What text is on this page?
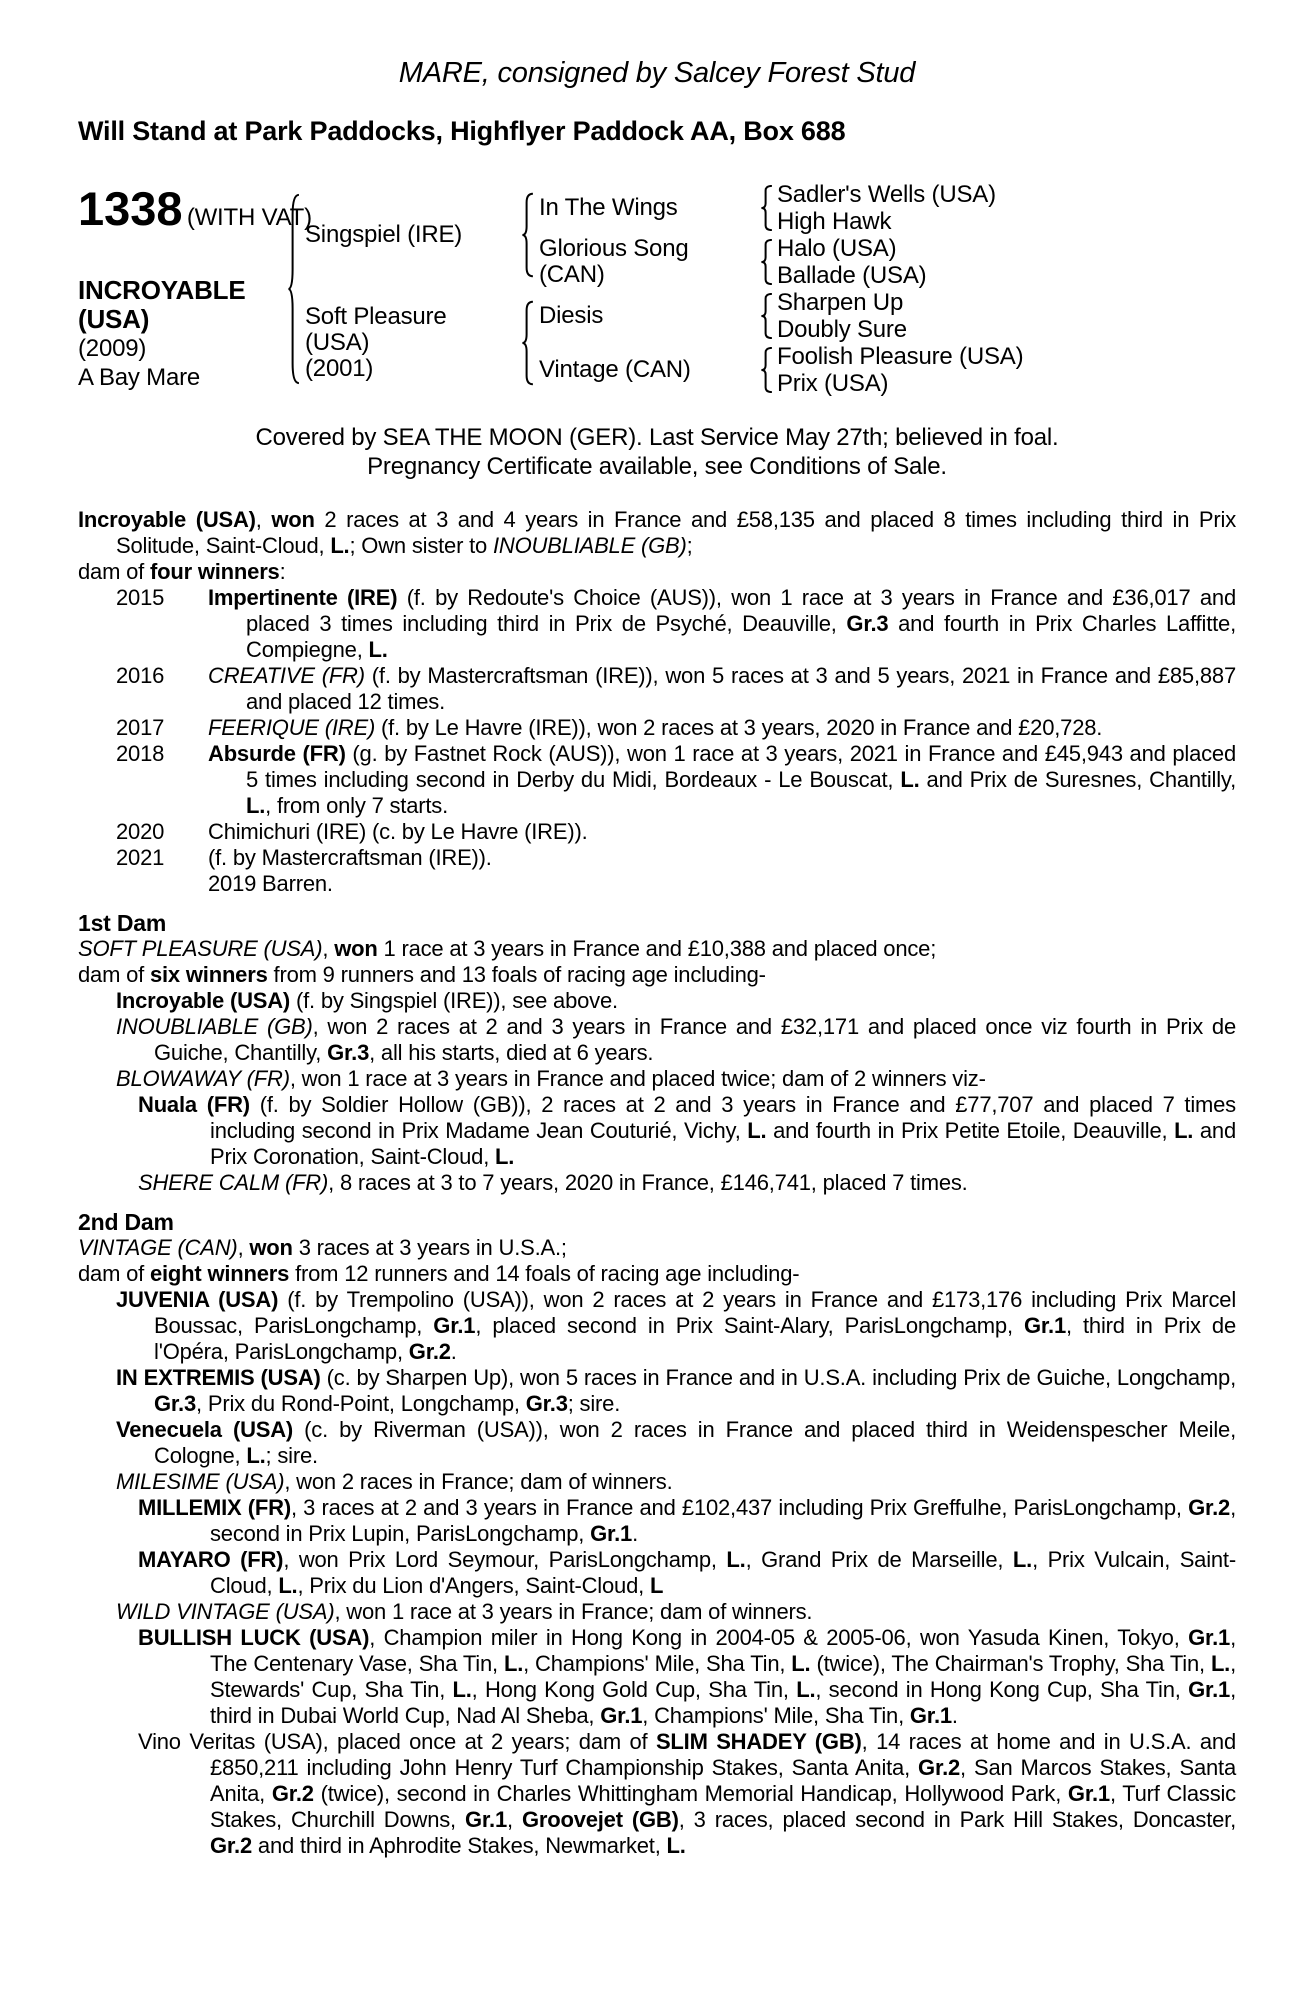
MARE, consigned by Salcey Forest Stud

Will Stand at Park Paddocks, Highflyer Paddock AA, Box 688

1338 (WITH VAT)
INCROYABLE
(USA)
(2009)
A Bay Mare
Singspiel (IRE)
Soft Pleasure (USA)
(2001)
In The Wings
Glorious Song (CAN)
Diesis
Vintage (CAN)
Sadler's Wells (USA)
High Hawk
Halo (USA)
Ballade (USA)
Sharpen Up
Doubly Sure
Foolish Pleasure (USA)
Prix (USA)
Covered by SEA THE MOON (GER). Last Service May 27th; believed in foal.
Pregnancy Certificate available, see Conditions of Sale.

Incroyable (USA), won 2 races at 3 and 4 years in France and £58,135 and placed 8 times including third in Prix Solitude, Saint-Cloud, L.; Own sister to INOUBLIABLE (GB);

dam of four winners:

2015 Impertinente (IRE) (f. by Redoute's Choice (AUS)), won 1 race at 3 years in France and £36,017 and placed 3 times including third in Prix de Psyché, Deauville, Gr.3 and fourth in Prix Charles Laffitte, Compiegne, L.

2016 CREATIVE (FR) (f. by Mastercraftsman (IRE)), won 5 races at 3 and 5 years, 2021 in France and £85,887 and placed 12 times.

2017 FEERIQUE (IRE) (f. by Le Havre (IRE)), won 2 races at 3 years, 2020 in France and £20,728.

2018 Absurde (FR) (g. by Fastnet Rock (AUS)), won 1 race at 3 years, 2021 in France and £45,943 and placed 5 times including second in Derby du Midi, Bordeaux - Le Bouscat, L. and Prix de Suresnes, Chantilly, L., from only 7 starts.

2020 Chimichuri (IRE) (c. by Le Havre (IRE)).

2021 (f. by Mastercraftsman (IRE)).

2019 Barren.

1st Dam

SOFT PLEASURE (USA), won 1 race at 3 years in France and £10,388 and placed once;

dam of six winners from 9 runners and 13 foals of racing age including-

Incroyable (USA) (f. by Singspiel (IRE)), see above.

INOUBLIABLE (GB), won 2 races at 2 and 3 years in France and £32,171 and placed once viz fourth in Prix de Guiche, Chantilly, Gr.3, all his starts, died at 6 years.

BLOWAWAY (FR), won 1 race at 3 years in France and placed twice; dam of 2 winners viz-

Nuala (FR) (f. by Soldier Hollow (GB)), 2 races at 2 and 3 years in France and £77,707 and placed 7 times including second in Prix Madame Jean Couturié, Vichy, L. and fourth in Prix Petite Etoile, Deauville, L. and Prix Coronation, Saint-Cloud, L.

SHERE CALM (FR), 8 races at 3 to 7 years, 2020 in France, £146,741, placed 7 times.

2nd Dam

VINTAGE (CAN), won 3 races at 3 years in U.S.A.;

dam of eight winners from 12 runners and 14 foals of racing age including-

JUVENIA (USA) (f. by Trempolino (USA)), won 2 races at 2 years in France and £173,176 including Prix Marcel Boussac, ParisLongchamp, Gr.1, placed second in Prix Saint-Alary, ParisLongchamp, Gr.1, third in Prix de l'Opéra, ParisLongchamp, Gr.2.

IN EXTREMIS (USA) (c. by Sharpen Up), won 5 races in France and in U.S.A. including Prix de Guiche, Longchamp, Gr.3, Prix du Rond-Point, Longchamp, Gr.3; sire.

Venecuela (USA) (c. by Riverman (USA)), won 2 races in France and placed third in Weidenspescher Meile, Cologne, L.; sire.

MILESIME (USA), won 2 races in France; dam of winners.

MILLEMIX (FR), 3 races at 2 and 3 years in France and £102,437 including Prix Greffulhe, ParisLongchamp, Gr.2, second in Prix Lupin, ParisLongchamp, Gr.1.

MAYARO (FR), won Prix Lord Seymour, ParisLongchamp, L., Grand Prix de Marseille, L., Prix Vulcain, Saint-Cloud, L., Prix du Lion d'Angers, Saint-Cloud, L

WILD VINTAGE (USA), won 1 race at 3 years in France; dam of winners.

BULLISH LUCK (USA), Champion miler in Hong Kong in 2004-05 & 2005-06, won Yasuda Kinen, Tokyo, Gr.1, The Centenary Vase, Sha Tin, L., Champions' Mile, Sha Tin, L. (twice), The Chairman's Trophy, Sha Tin, L., Stewards' Cup, Sha Tin, L., Hong Kong Gold Cup, Sha Tin, L., second in Hong Kong Cup, Sha Tin, Gr.1, third in Dubai World Cup, Nad Al Sheba, Gr.1, Champions' Mile, Sha Tin, Gr.1.

Vino Veritas (USA), placed once at 2 years; dam of SLIM SHADEY (GB), 14 races at home and in U.S.A. and £850,211 including John Henry Turf Championship Stakes, Santa Anita, Gr.2, San Marcos Stakes, Santa Anita, Gr.2 (twice), second in Charles Whittingham Memorial Handicap, Hollywood Park, Gr.1, Turf Classic Stakes, Churchill Downs, Gr.1, Groovejet (GB), 3 races, placed second in Park Hill Stakes, Doncaster, Gr.2 and third in Aphrodite Stakes, Newmarket, L.
